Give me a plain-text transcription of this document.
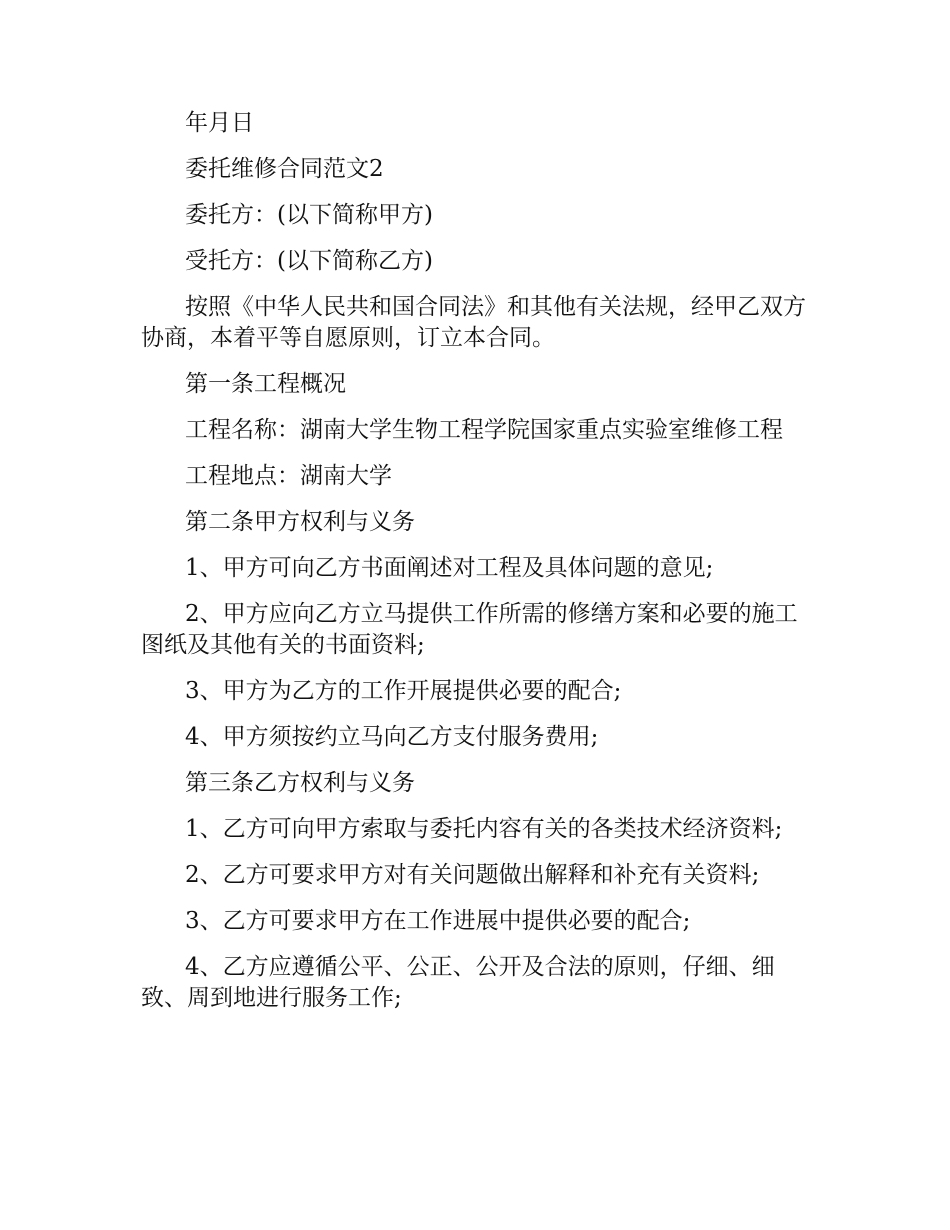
年月日

委托维修合同范文2

委托方：(以下简称甲方)

受托方：(以下简称乙方)

按照《中华人民共和国合同法》和其他有关法规，经甲乙双方协商，本着平等自愿原则，订立本合同。

第一条工程概况

工程名称：湖南大学生物工程学院国家重点实验室维修工程

工程地点：湖南大学

第二条甲方权利与义务

1、甲方可向乙方书面阐述对工程及具体问题的意见;

2、甲方应向乙方立马提供工作所需的修缮方案和必要的施工图纸及其他有关的书面资料;

3、甲方为乙方的工作开展提供必要的配合;

4、甲方须按约立马向乙方支付服务费用;

第三条乙方权利与义务

1、乙方可向甲方索取与委托内容有关的各类技术经济资料;

2、乙方可要求甲方对有关问题做出解释和补充有关资料;

3、乙方可要求甲方在工作进展中提供必要的配合;

4、乙方应遵循公平、公正、公开及合法的原则，仔细、细致、周到地进行服务工作;
